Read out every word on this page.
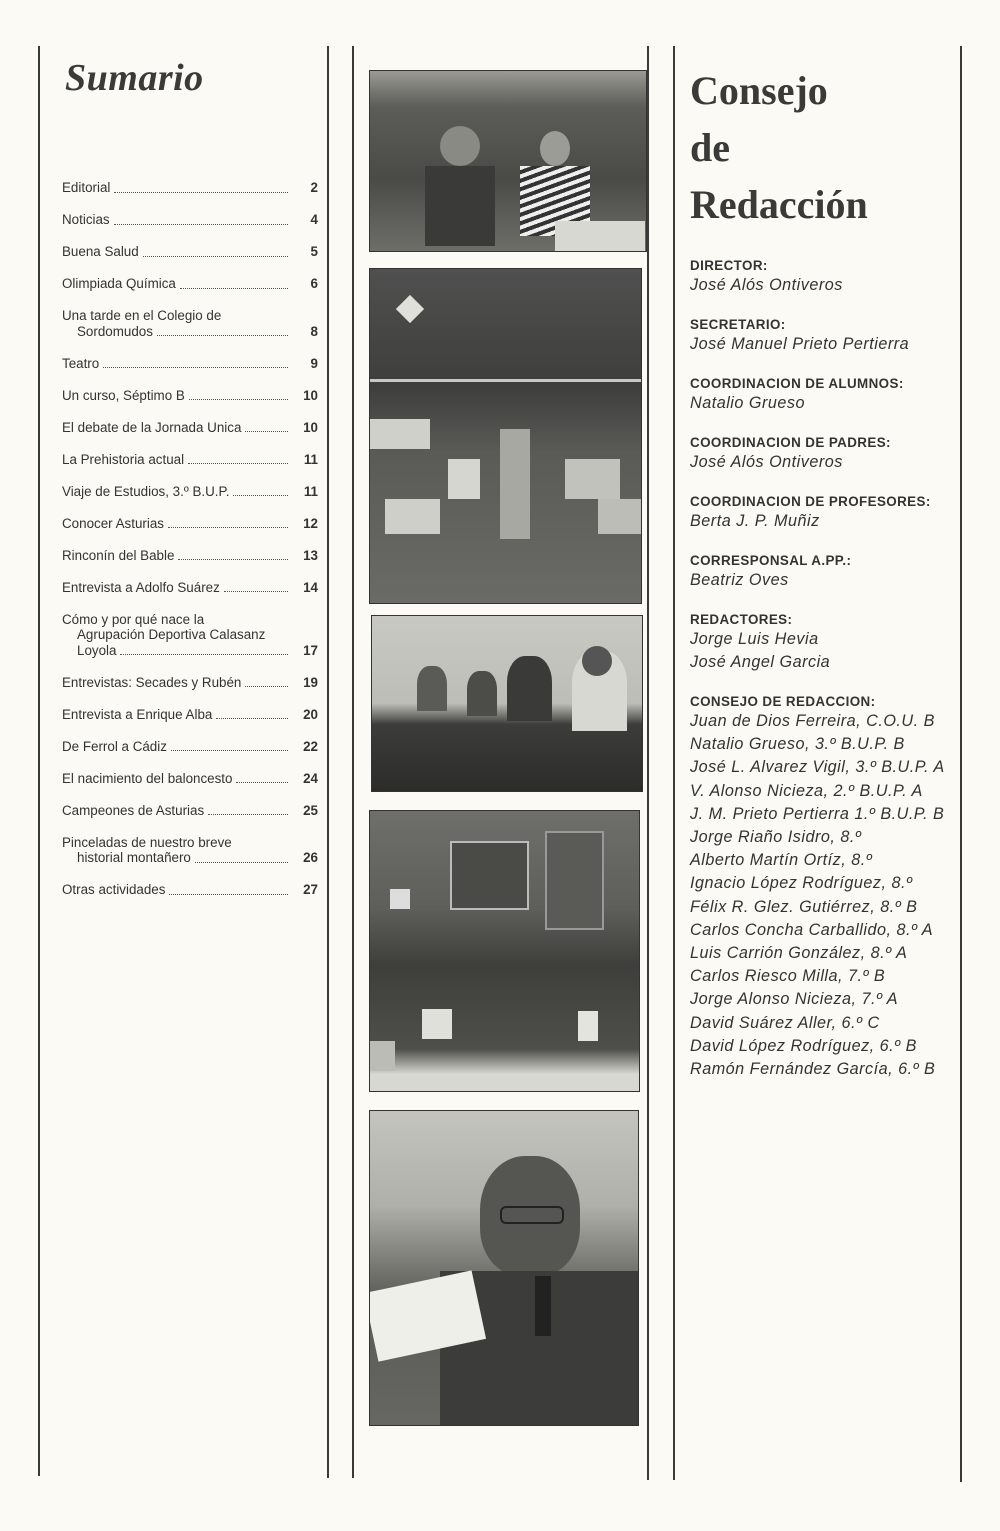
Sumario
Editorial	2
Noticias	4
Buena Salud	5
Olimpiada Química	6
Una tarde en el Colegio de
Sordomudos	8
Teatro	9
Un curso, Séptimo B	10
El debate de la Jornada Unica	10
La Prehistoria actual	11
Viaje de Estudios, 3.º B.U.P.	11
Conocer Asturias	12
Rinconín del Bable	13
Entrevista a Adolfo Suárez	14
Cómo y por qué nace la
Agrupación Deportiva Calasanz
Loyola	17
Entrevistas: Secades y Rubén	19
Entrevista a Enrique Alba	20
De Ferrol a Cádiz	22
El nacimiento del baloncesto	24
Campeones de Asturias	25
Pinceladas de nuestro breve
historial montañero	26
Otras actividades	27
Consejo
de
Redacción

DIRECTOR:

José Alós Ontiveros

SECRETARIO:

José Manuel Prieto Pertierra

COORDINACION DE ALUMNOS:

Natalio Grueso

COORDINACION DE PADRES:

José Alós Ontiveros

COORDINACION DE PROFESORES:

Berta J. P. Muñiz

CORRESPONSAL A.PP.:

Beatriz Oves

REDACTORES:

Jorge Luis Hevia

José Angel Garcia

CONSEJO DE REDACCION:

Juan de Dios Ferreira, C.O.U. B

Natalio Grueso, 3.º B.U.P. B

José L. Alvarez Vigil, 3.º B.U.P. A

V. Alonso Nicieza, 2.º B.U.P. A

J. M. Prieto Pertierra 1.º B.U.P. B

Jorge Riaño Isidro, 8.º

Alberto Martín Ortíz, 8.º

Ignacio López Rodríguez, 8.º

Félix R. Glez. Gutiérrez, 8.º B

Carlos Concha Carballido, 8.º A

Luis Carrión González, 8.º A

Carlos Riesco Milla, 7.º B

Jorge Alonso Nicieza, 7.º A

David Suárez Aller, 6.º C

David López Rodríguez, 6.º B

Ramón Fernández García, 6.º B
